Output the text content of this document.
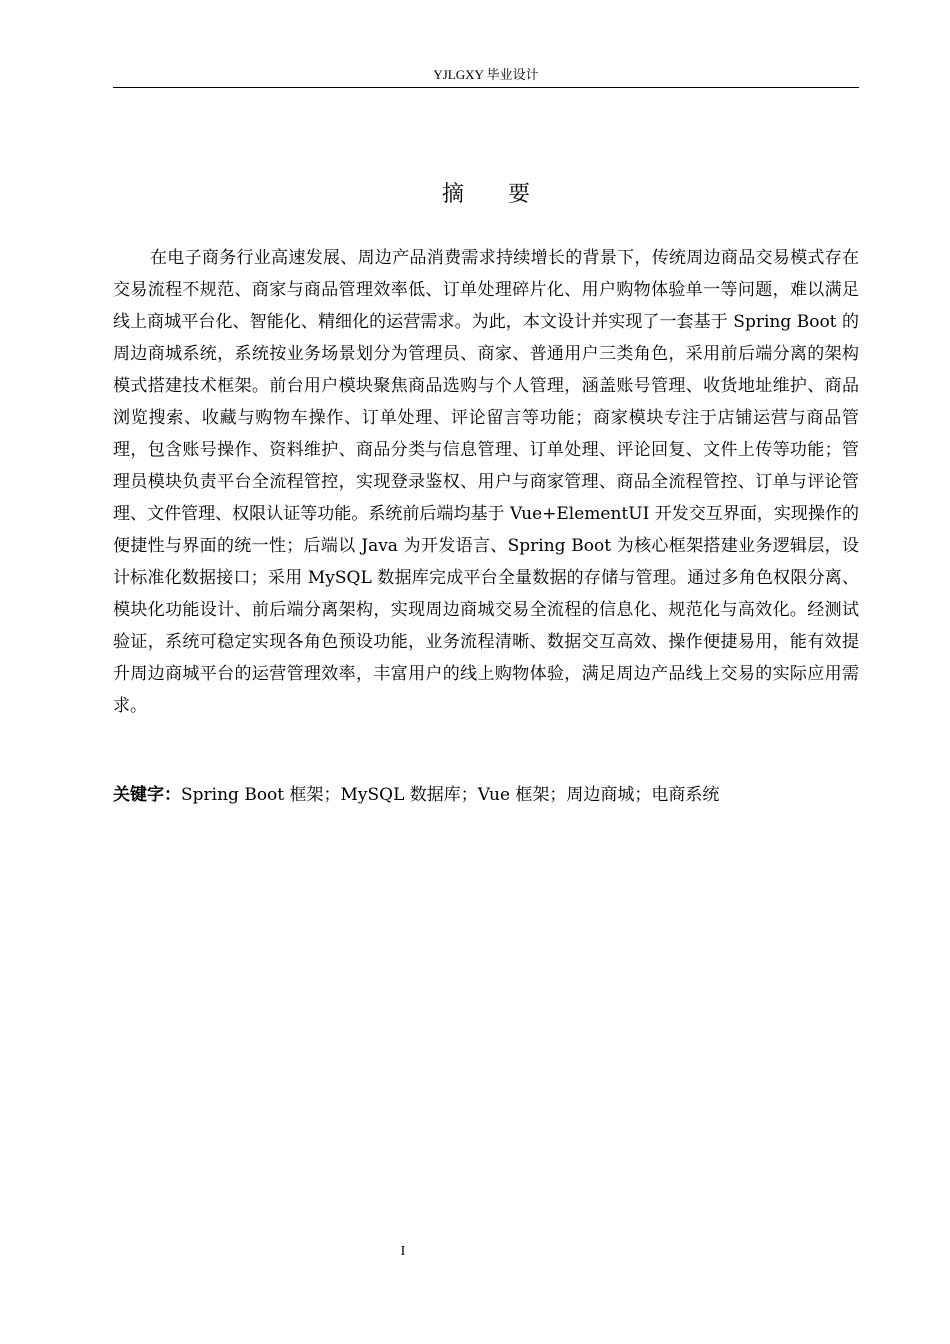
YJLGXY 毕业设计
摘要

在电子商务行业高速发展、周边产品消费需求持续增长的背景下，传统周边商品交易模式存在交易流程不规范、商家与商品管理效率低、订单处理碎片化、用户购物体验单一等问题，难以满足线上商城平台化、智能化、精细化的运营需求。为此，本文设计并实现了一套基于 Spring Boot 的周边商城系统，系统按业务场景划分为管理员、商家、普通用户三类角色，采用前后端分离的架构模式搭建技术框架。前台用户模块聚焦商品选购与个人管理，涵盖账号管理、收货地址维护、商品浏览搜索、收藏与购物车操作、订单处理、评论留言等功能；商家模块专注于店铺运营与商品管理，包含账号操作、资料维护、商品分类与信息管理、订单处理、评论回复、文件上传等功能；管理员模块负责平台全流程管控，实现登录鉴权、用户与商家管理、商品全流程管控、订单与评论管理、文件管理、权限认证等功能。系统前后端均基于 Vue+ElementUI 开发交互界面，实现操作的便捷性与界面的统一性；后端以 Java 为开发语言、Spring Boot 为核心框架搭建业务逻辑层，设计标准化数据接口；采用 MySQL 数据库完成平台全量数据的存储与管理。通过多角色权限分离、模块化功能设计、前后端分离架构，实现周边商城交易全流程的信息化、规范化与高效化。经测试验证，系统可稳定实现各角色预设功能，业务流程清晰、数据交互高效、操作便捷易用，能有效提升周边商城平台的运营管理效率，丰富用户的线上购物体验，满足周边产品线上交易的实际应用需求。

关键字：Spring Boot 框架；MySQL 数据库；Vue 框架；周边商城；电商系统
I
